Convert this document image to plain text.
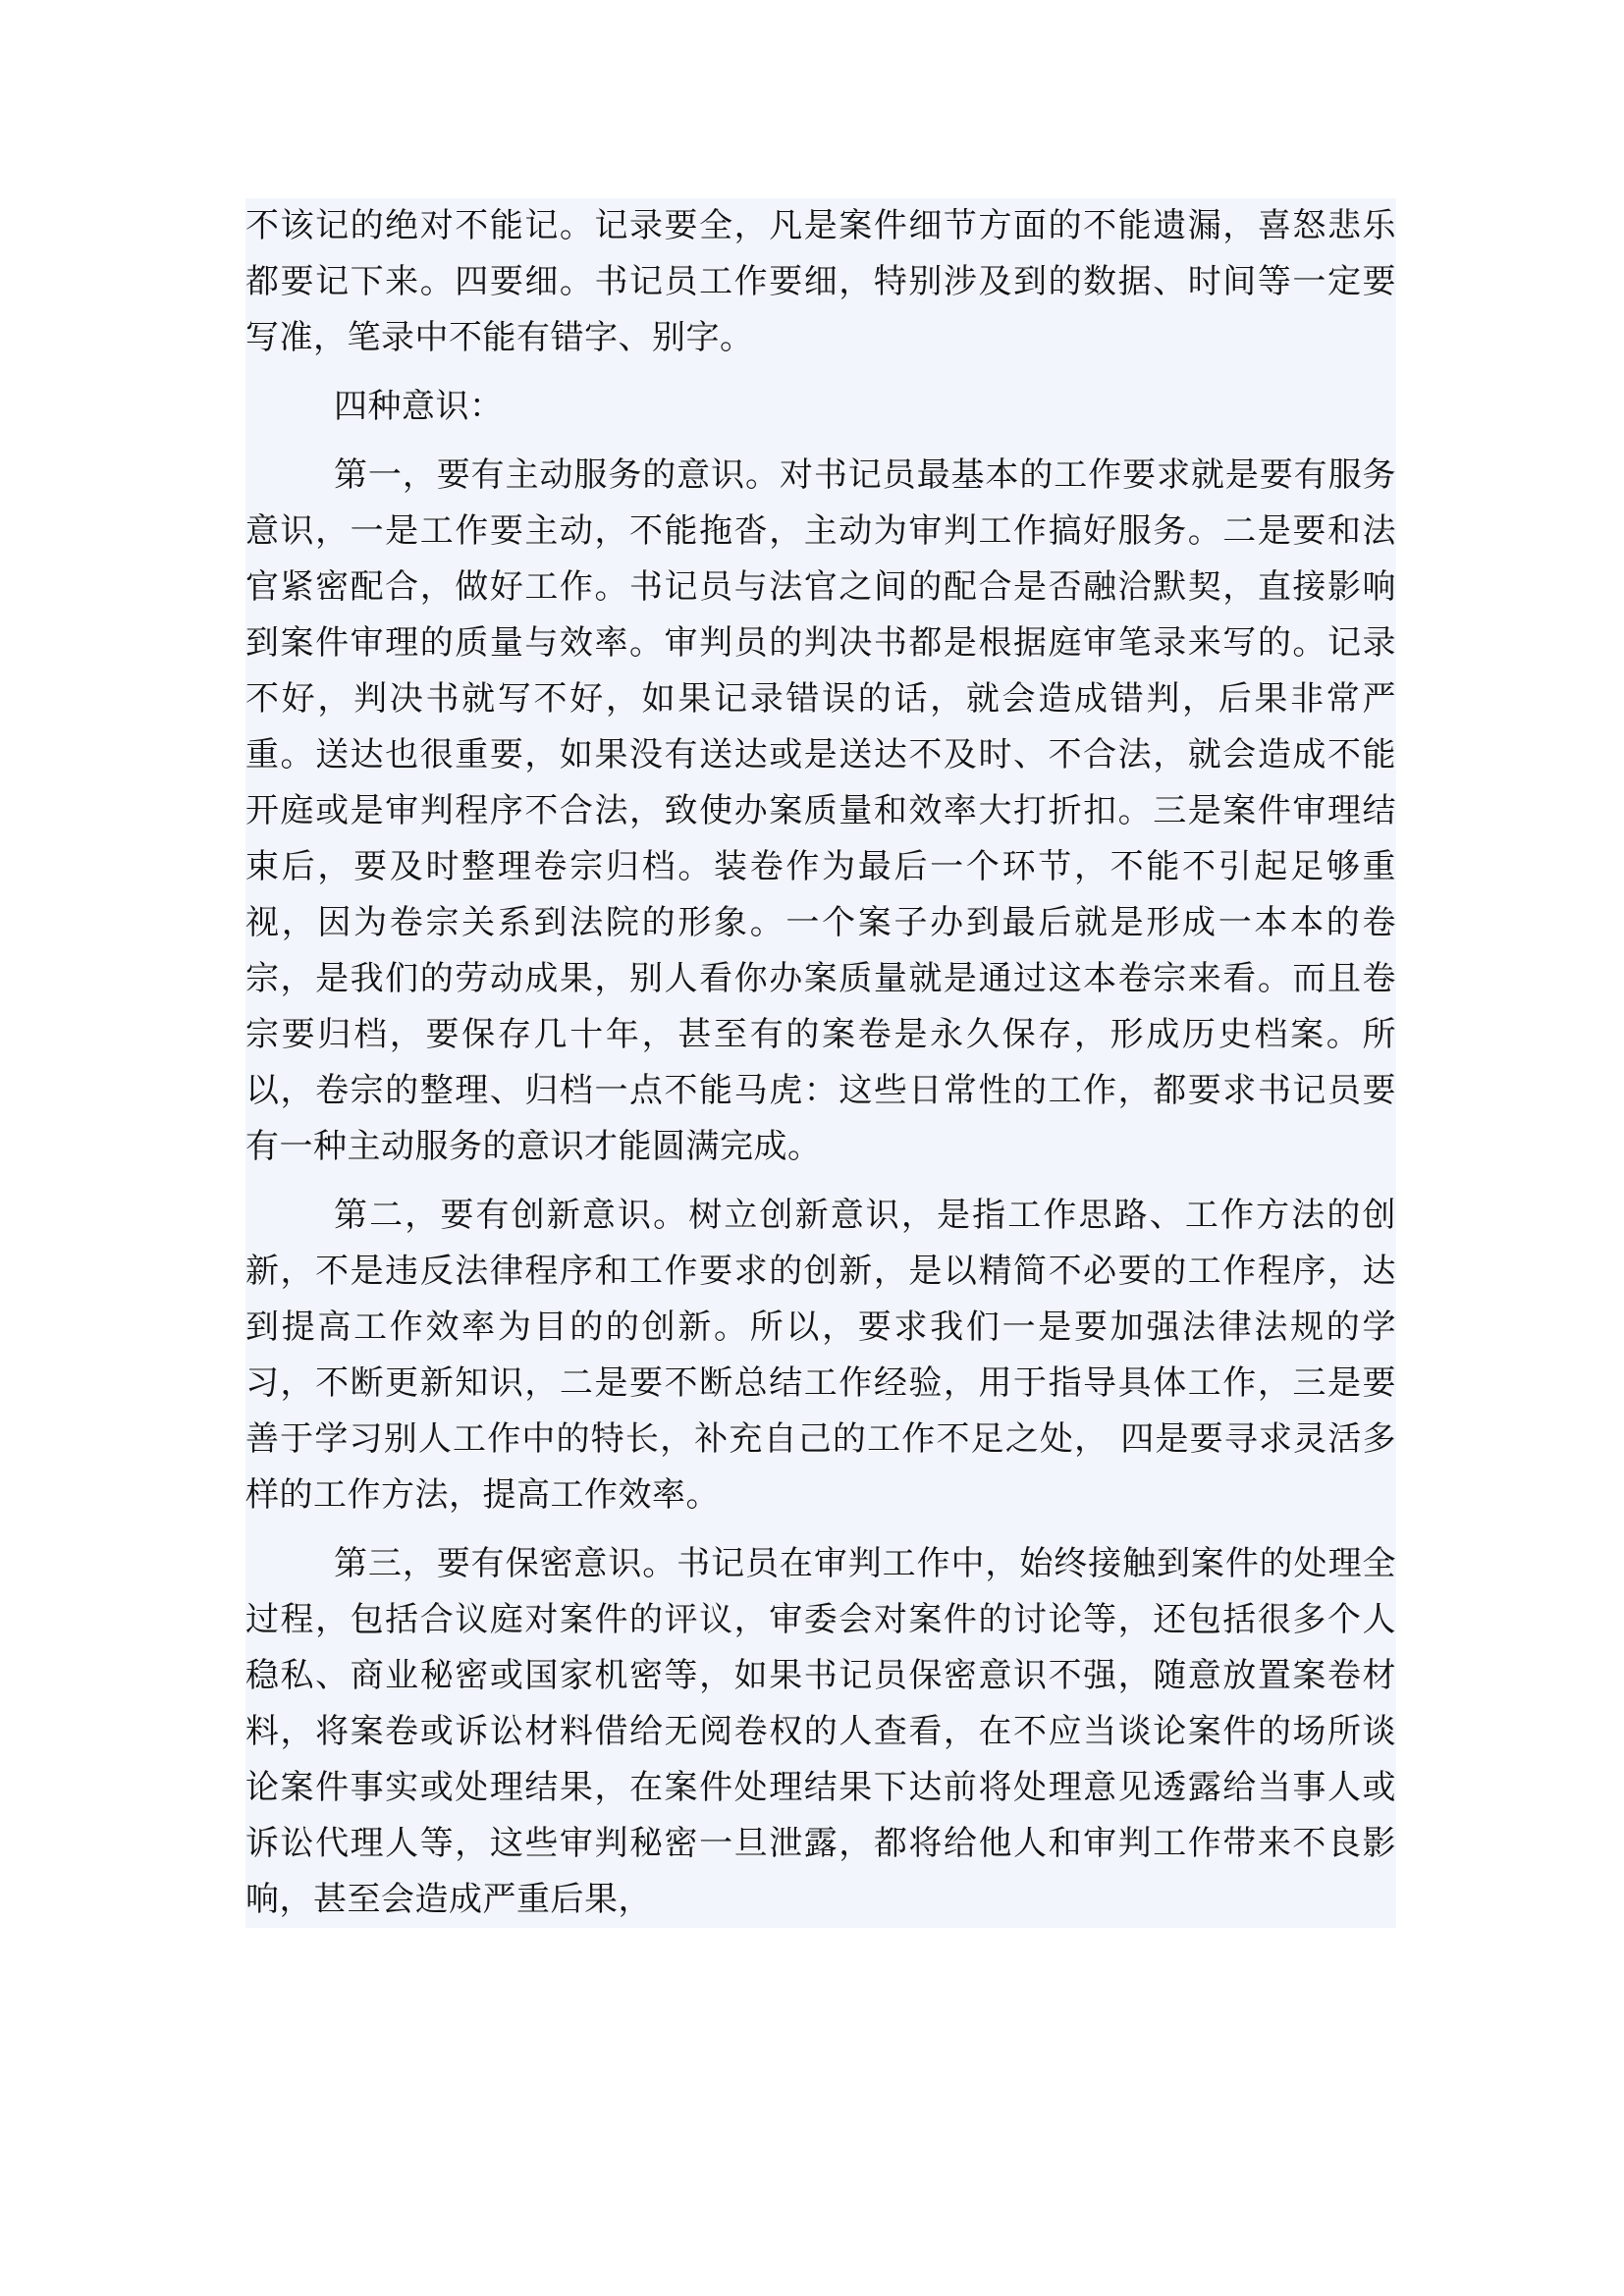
不该记的绝对不能记。记录要全，凡是案件细节方面的不能遗漏，喜怒悲乐都要记下来。四要细。书记员工作要细，特别涉及到的数据、时间等一定要写准，笔录中不能有错字、别字。

四种意识：

第一，要有主动服务的意识。对书记员最基本的工作要求就是要有服务意识，一是工作要主动，不能拖沓，主动为审判工作搞好服务。二是要和法官紧密配合，做好工作。书记员与法官之间的配合是否融洽默契，直接影响到案件审理的质量与效率。审判员的判决书都是根据庭审笔录来写的。记录不好，判决书就写不好，如果记录错误的话，就会造成错判，后果非常严重。送达也很重要，如果没有送达或是送达不及时、不合法，就会造成不能开庭或是审判程序不合法，致使办案质量和效率大打折扣。三是案件审理结束后，要及时整理卷宗归档。装卷作为最后一个环节，不能不引起足够重视，因为卷宗关系到法院的形象。一个案子办到最后就是形成一本本的卷宗，是我们的劳动成果，别人看你办案质量就是通过这本卷宗来看。而且卷宗要归档，要保存几十年，甚至有的案卷是永久保存，形成历史档案。所以，卷宗的整理、归档一点不能马虎：这些日常性的工作，都要求书记员要有一种主动服务的意识才能圆满完成。

第二，要有创新意识。树立创新意识，是指工作思路、工作方法的创新，不是违反法律程序和工作要求的创新，是以精简不必要的工作程序，达到提高工作效率为目的的创新。所以，要求我们一是要加强法律法规的学习，不断更新知识，二是要不断总结工作经验，用于指导具体工作，三是要善于学习别人工作中的特长，补充自己的工作不足之处， 四是要寻求灵活多样的工作方法，提高工作效率。

第三，要有保密意识。书记员在审判工作中，始终接触到案件的处理全过程，包括合议庭对案件的评议，审委会对案件的讨论等，还包括很多个人稳私、商业秘密或国家机密等，如果书记员保密意识不强，随意放置案卷材料，将案卷或诉讼材料借给无阅卷权的人查看，在不应当谈论案件的场所谈论案件事实或处理结果，在案件处理结果下达前将处理意见透露给当事人或诉讼代理人等，这些审判秘密一旦泄露，都将给他人和审判工作带来不良影响，甚至会造成严重后果，
